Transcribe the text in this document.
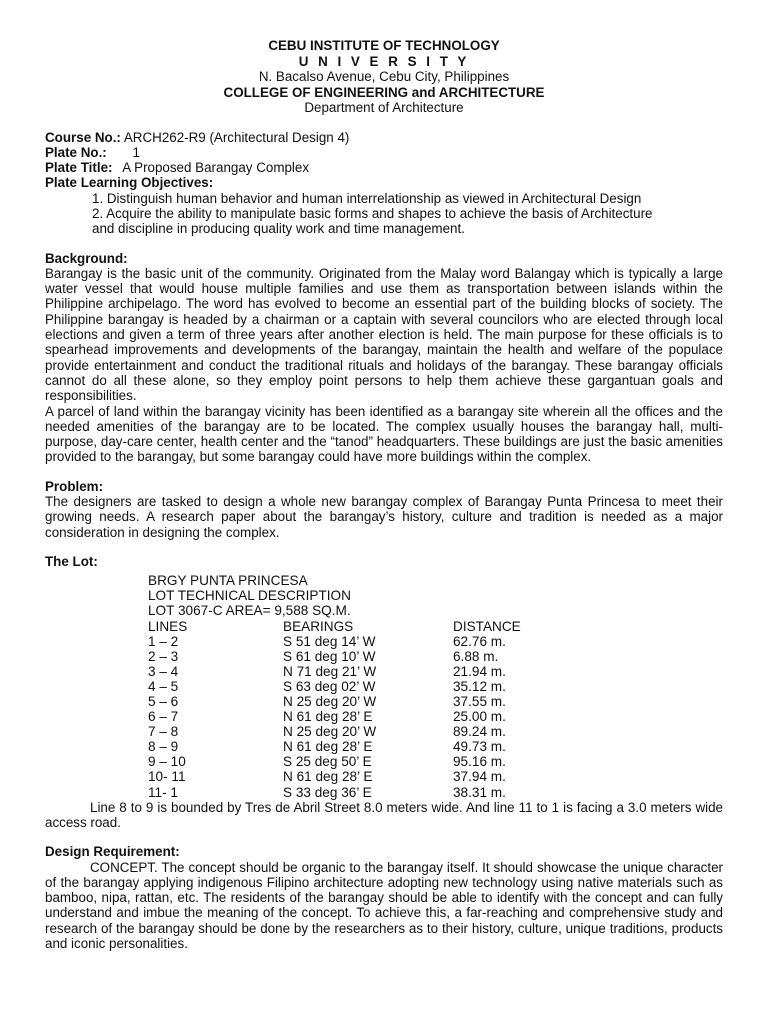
CEBU INSTITUTE OF TECHNOLOGY
U N I V E R S I T Y
N. Bacalso Avenue, Cebu City, Philippines
COLLEGE OF ENGINEERING and ARCHITECTURE
Department of Architecture
Course No.: ARCH262-R9 (Architectural Design 4)
Plate No.: 1
Plate Title: A Proposed Barangay Complex
Plate Learning Objectives:
1. Distinguish human behavior and human interrelationship as viewed in Architectural Design
2. Acquire the ability to manipulate basic forms and shapes to achieve the basis of Architecture
and discipline in producing quality work and time management.
Background:

Barangay is the basic unit of the community. Originated from the Malay word Balangay which is typically a large water vessel that would house multiple families and use them as transportation between islands within the Philippine archipelago. The word has evolved to become an essential part of the building blocks of society. The Philippine barangay is headed by a chairman or a captain with several councilors who are elected through local elections and given a term of three years after another election is held. The main purpose for these officials is to spearhead improvements and developments of the barangay, maintain the health and welfare of the populace provide entertainment and conduct the traditional rituals and holidays of the barangay. These barangay officials cannot do all these alone, so they employ point persons to help them achieve these gargantuan goals and responsibilities.

A parcel of land within the barangay vicinity has been identified as a barangay site wherein all the offices and the needed amenities of the barangay are to be located. The complex usually houses the barangay hall, multi-purpose, day-care center, health center and the “tanod” headquarters. These buildings are just the basic amenities provided to the barangay, but some barangay could have more buildings within the complex.

Problem:

The designers are tasked to design a whole new barangay complex of Barangay Punta Princesa to meet their growing needs. A research paper about the barangay’s history, culture and tradition is needed as a major consideration in designing the complex.

The Lot:
BRGY PUNTA PRINCESA
LOT TECHNICAL DESCRIPTION
LOT 3067-C AREA= 9,588 SQ.M.
LINES	BEARINGS	DISTANCE
1 – 2	S 51 deg 14’ W	62.76 m.
2 – 3	S 61 deg 10’ W	6.88 m.
3 – 4	N 71 deg 21’ W	21.94 m.
4 – 5	S 63 deg 02’ W	35.12 m.
5 – 6	N 25 deg 20’ W	37.55 m.
6 – 7	N 61 deg 28’ E	25.00 m.
7 – 8	N 25 deg 20’ W	89.24 m.
8 – 9	N 61 deg 28’ E	49.73 m.
9 – 10	S 25 deg 50’ E	95.16 m.
10- 11	N 61 deg 28’ E	37.94 m.
11- 1	S 33 deg 36’ E	38.31 m.

Line 8 to 9 is bounded by Tres de Abril Street 8.0 meters wide. And line 11 to 1 is facing a 3.0 meters wide access road.

Design Requirement:

CONCEPT. The concept should be organic to the barangay itself. It should showcase the unique character of the barangay applying indigenous Filipino architecture adopting new technology using native materials such as bamboo, nipa, rattan, etc. The residents of the barangay should be able to identify with the concept and can fully understand and imbue the meaning of the concept. To achieve this, a far-reaching and comprehensive study and research of the barangay should be done by the researchers as to their history, culture, unique traditions, products and iconic personalities.
